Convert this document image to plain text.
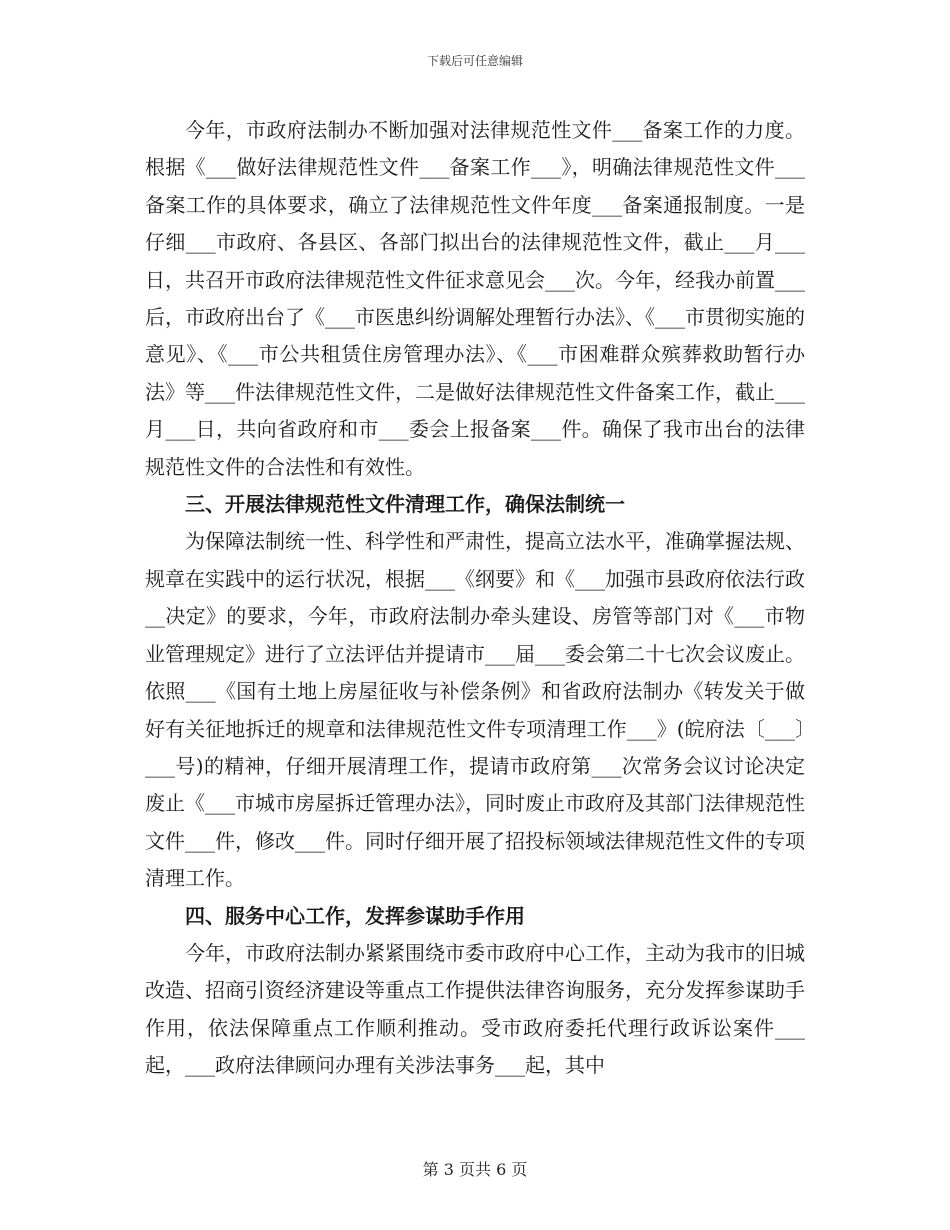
下载后可任意编辑

今年，市政府法制办不断加强对法律规范性文件___备案工作的力度。根据《___做好法律规范性文件___备案工作___》，明确法律规范性文件___备案工作的具体要求，确立了法律规范性文件年度___备案通报制度。一是仔细___市政府、各县区、各部门拟出台的法律规范性文件，截止___月___日，共召开市政府法律规范性文件征求意见会___次。今年，经我办前置___后，市政府出台了《___市医患纠纷调解处理暂行办法》、《___市贯彻实施的意见》、《___市公共租赁住房管理办法》、《___市困难群众殡葬救助暂行办法》等___件法律规范性文件，二是做好法律规范性文件备案工作，截止___月___日，共向省政府和市___委会上报备案___件。确保了我市出台的法律规范性文件的合法性和有效性。

三、开展法律规范性文件清理工作，确保法制统一

为保障法制统一性、科学性和严肃性，提高立法水平，准确掌握法规、规章在实践中的运行状况，根据___《纲要》和《___加强市县政府依法行政__决定》的要求，今年，市政府法制办牵头建设、房管等部门对《___市物业管理规定》进行了立法评估并提请市___届___委会第二十七次会议废止。依照___《国有土地上房屋征收与补偿条例》和省政府法制办《转发关于做好有关征地拆迁的规章和法律规范性文件专项清理工作___》(皖府法〔___〕___号)的精神，仔细开展清理工作，提请市政府第___次常务会议讨论决定废止《___市城市房屋拆迁管理办法》，同时废止市政府及其部门法律规范性文件___件，修改___件。同时仔细开展了招投标领域法律规范性文件的专项清理工作。

四、服务中心工作，发挥参谋助手作用

今年，市政府法制办紧紧围绕市委市政府中心工作，主动为我市的旧城改造、招商引资经济建设等重点工作提供法律咨询服务，充分发挥参谋助手作用，依法保障重点工作顺利推动。受市政府委托代理行政诉讼案件___起，___政府法律顾问办理有关涉法事务___起，其中

第 3 页共 6 页
